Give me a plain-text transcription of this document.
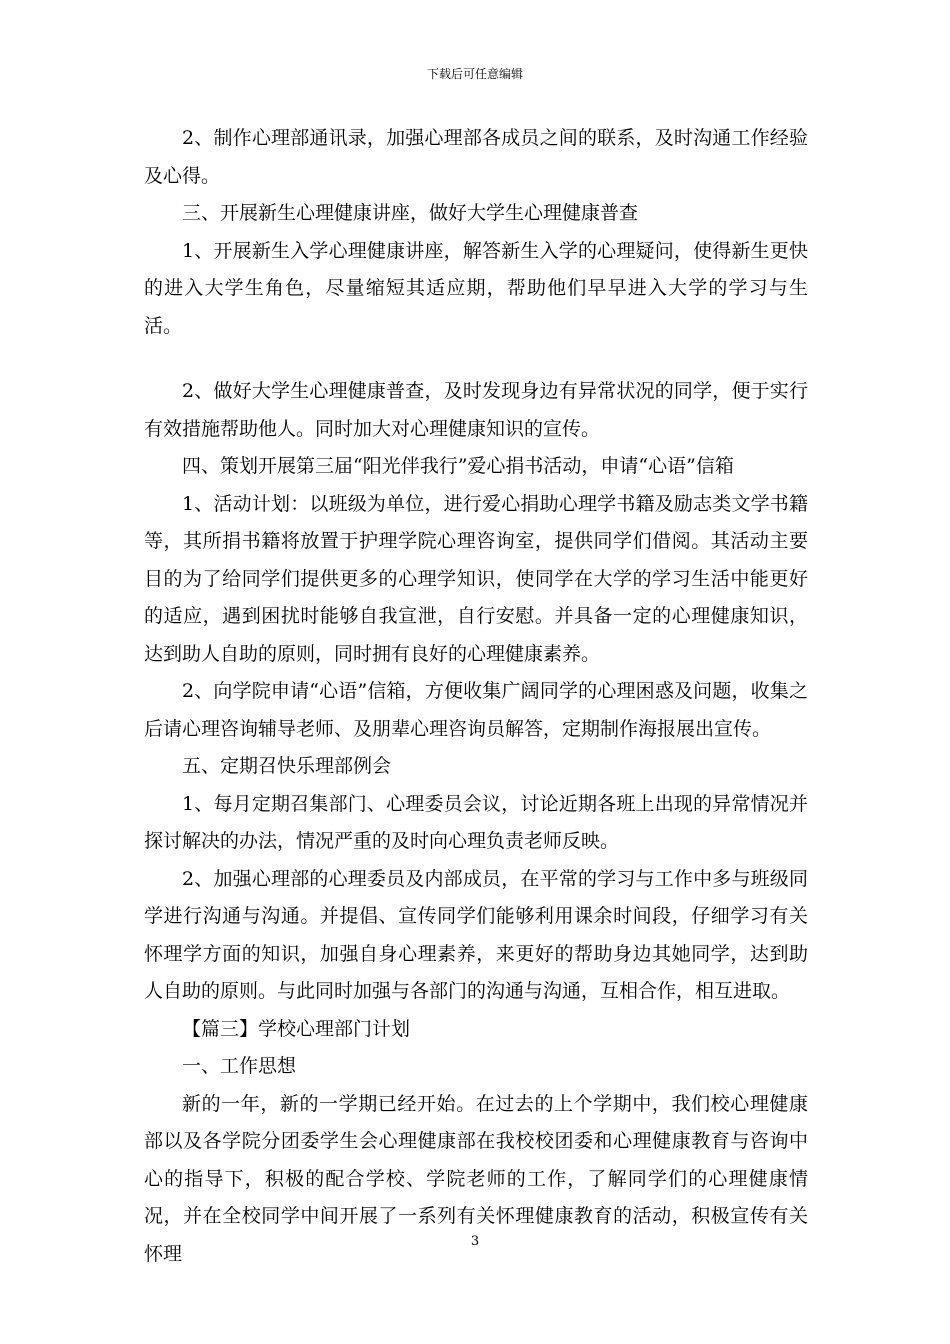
下载后可任意编辑

2、制作心理部通讯录，加强心理部各成员之间的联系，及时沟通工作经验及心得。

三、开展新生心理健康讲座，做好大学生心理健康普查

1、开展新生入学心理健康讲座，解答新生入学的心理疑问，使得新生更快的进入大学生角色，尽量缩短其适应期，帮助他们早早进入大学的学习与生活。

2、做好大学生心理健康普查，及时发现身边有异常状况的同学，便于实行有效措施帮助他人。同时加大对心理健康知识的宣传。

四、策划开展第三届“阳光伴我行”爱心捐书活动，申请“心语”信箱

1、活动计划：以班级为单位，进行爱心捐助心理学书籍及励志类文学书籍等，其所捐书籍将放置于护理学院心理咨询室，提供同学们借阅。其活动主要目的为了给同学们提供更多的心理学知识，使同学在大学的学习生活中能更好的适应，遇到困扰时能够自我宣泄，自行安慰。并具备一定的心理健康知识，达到助人自助的原则，同时拥有良好的心理健康素养。

2、向学院申请“心语”信箱，方便收集广阔同学的心理困惑及问题，收集之后请心理咨询辅导老师、及朋辈心理咨询员解答，定期制作海报展出宣传。

五、定期召快乐理部例会

1、每月定期召集部门、心理委员会议，讨论近期各班上出现的异常情况并探讨解决的办法，情况严重的及时向心理负责老师反映。

2、加强心理部的心理委员及内部成员，在平常的学习与工作中多与班级同学进行沟通与沟通。并提倡、宣传同学们能够利用课余时间段，仔细学习有关怀理学方面的知识，加强自身心理素养，来更好的帮助身边其她同学，达到助人自助的原则。与此同时加强与各部门的沟通与沟通，互相合作，相互进取。

【篇三】学校心理部门计划

一、工作思想

新的一年，新的一学期已经开始。在过去的上个学期中，我们校心理健康部以及各学院分团委学生会心理健康部在我校校团委和心理健康教育与咨询中心的指导下，积极的配合学校、学院老师的工作，了解同学们的心理健康情况，并在全校同学中间开展了一系列有关怀理健康教育的活动，积极宣传有关怀理

3
